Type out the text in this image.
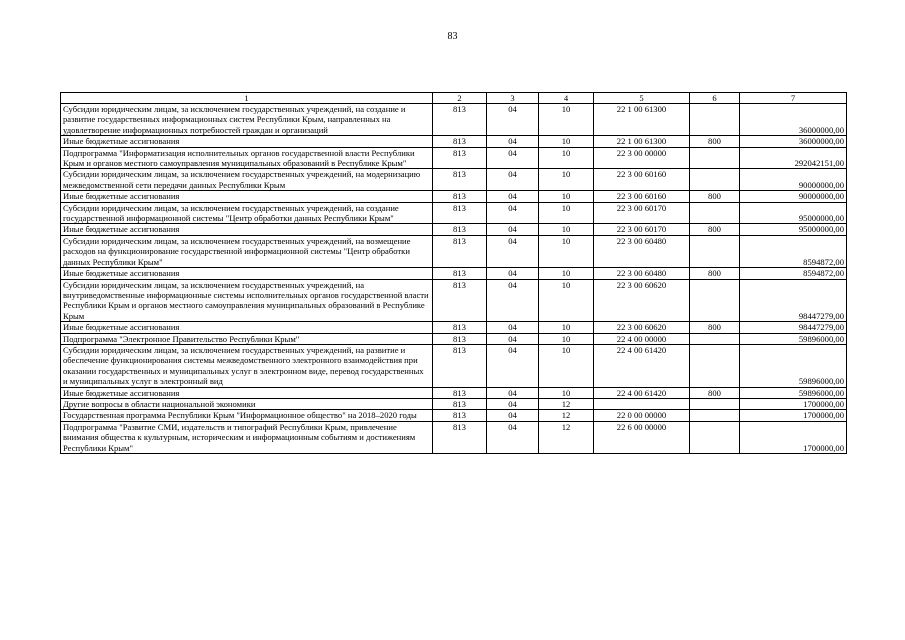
83
1	2	3	4	5	6	7
Субсидии юридическим лицам, за исключением государственных учреждений, на создание и развитие государственных информационных систем Республики Крым, направленных на удовлетворение информационных потребностей граждан и организаций	813	04	10	22 1 00 61300		36000000,00
Иные бюджетные ассигнования	813	04	10	22 1 00 61300	800	36000000,00
Подпрограмма "Информатизация исполнительных органов государственной власти Республики Крым и органов местного самоуправления муниципальных образований в Республике Крым"	813	04	10	22 3 00 00000		292042151,00
Субсидии юридическим лицам, за исключением государственных учреждений, на модернизацию межведомственной сети передачи данных Республики Крым	813	04	10	22 3 00 60160		90000000,00
Иные бюджетные ассигнования	813	04	10	22 3 00 60160	800	90000000,00
Субсидии юридическим лицам, за исключением государственных учреждений, на создание государственной информационной системы "Центр обработки данных Республики Крым"	813	04	10	22 3 00 60170		95000000,00
Иные бюджетные ассигнования	813	04	10	22 3 00 60170	800	95000000,00
Субсидии юридическим лицам, за исключением государственных учреждений, на возмещение расходов на функционирование государственной информационной системы "Центр обработки данных Республики Крым"	813	04	10	22 3 00 60480		8594872,00
Иные бюджетные ассигнования	813	04	10	22 3 00 60480	800	8594872,00
Субсидии юридическим лицам, за исключением государственных учреждений, на внутриведомственные информационные системы исполнительных органов государственной власти Республики Крым и органов местного самоуправления муниципальных образований в Республике Крым	813	04	10	22 3 00 60620		98447279,00
Иные бюджетные ассигнования	813	04	10	22 3 00 60620	800	98447279,00
Подпрограмма "Электронное Правительство Республики Крым"	813	04	10	22 4 00 00000		59896000,00
Субсидии юридическим лицам, за исключением государственных учреждений, на развитие и обеспечение функционирования системы межведомственного электронного взаимодействия при оказании государственных и муниципальных услуг в электронном виде, перевод государственных и муниципальных услуг в электронный вид	813	04	10	22 4 00 61420		59896000,00
Иные бюджетные ассигнования	813	04	10	22 4 00 61420	800	59896000,00
Другие вопросы в области национальной экономики	813	04	12			1700000,00
Государственная программа Республики Крым "Информационное общество" на 2018–2020 годы	813	04	12	22 0 00 00000		1700000,00
Подпрограмма "Развитие СМИ, издательств и типографий Республики Крым, привлечение внимания общества к культурным, историческим и информационным событиям и достижениям Республики Крым"	813	04	12	22 6 00 00000		1700000,00
